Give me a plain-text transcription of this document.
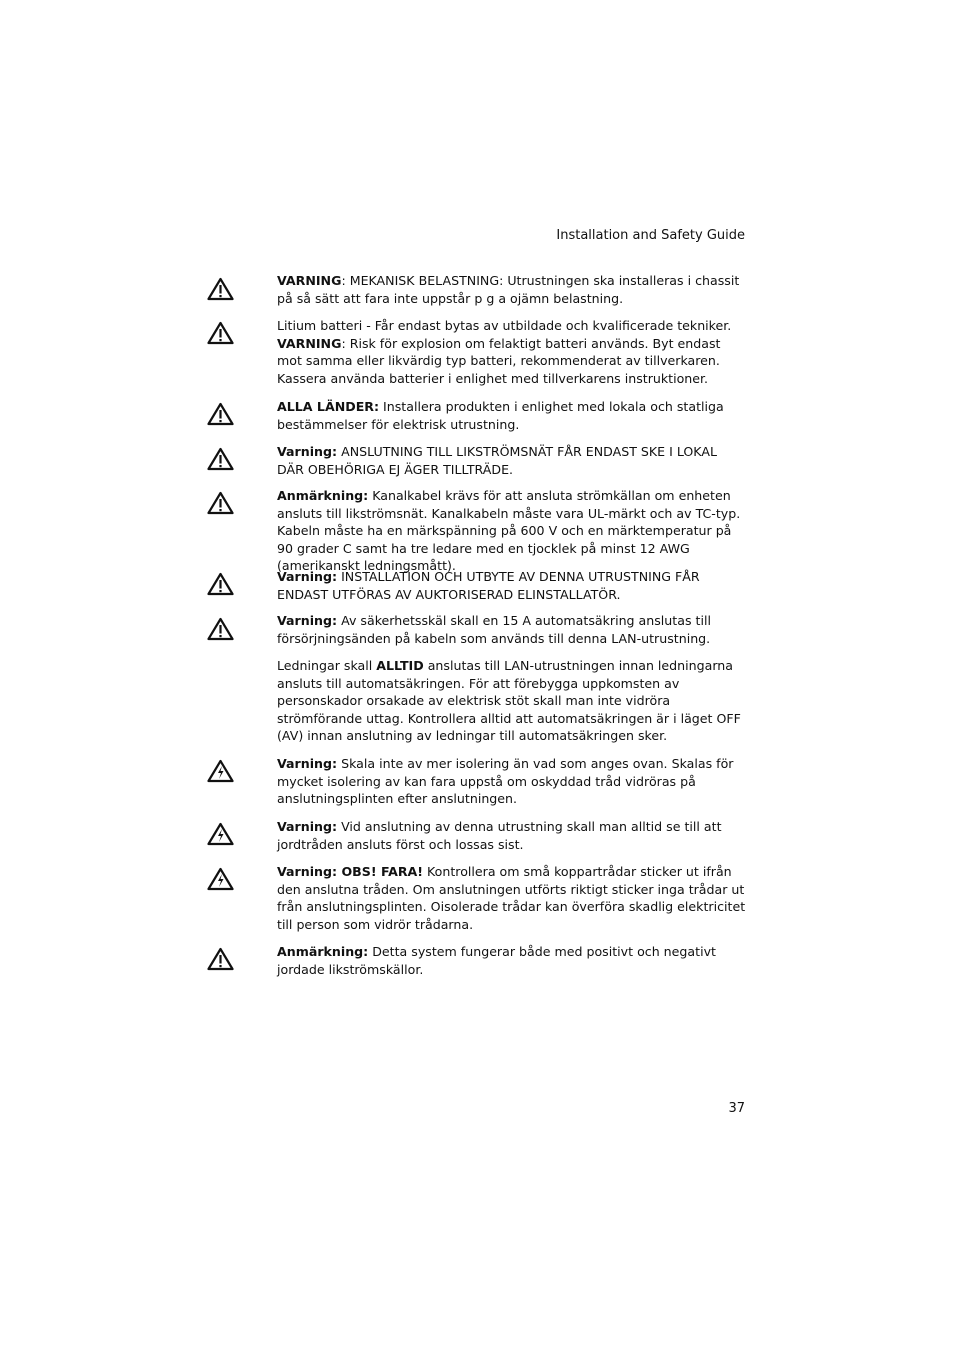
Installation and Safety Guide

VARNING: MEKANISK BELASTNING: Utrustningen ska installeras i chassit på så sätt att fara inte uppstår p g a ojämn belastning.

Litium batteri - Får endast bytas av utbildade och kvalificerade tekniker.

VARNING: Risk för explosion om felaktigt batteri används. Byt endast mot samma eller likvärdig typ batteri, rekommenderat av tillverkaren. Kassera använda batterier i enlighet med tillverkarens instruktioner.

ALLA LÄNDER: Installera produkten i enlighet med lokala och statliga bestämmelser för elektrisk utrustning.

Varning: ANSLUTNING TILL LIKSTRÖMSNÄT FÅR ENDAST SKE I LOKAL DÄR OBEHÖRIGA EJ ÄGER TILLTRÄDE.

Anmärkning: Kanalkabel krävs för att ansluta strömkällan om enheten ansluts till likströmsnät. Kanalkabeln måste vara UL-märkt och av TC-typ. Kabeln måste ha en märkspänning på 600 V och en märktemperatur på 90 grader C samt ha tre ledare med en tjocklek på minst 12 AWG (amerikanskt ledningsmått).

Varning: INSTALLATION OCH UTBYTE AV DENNA UTRUSTNING FÅR ENDAST UTFÖRAS AV AUKTORISERAD ELINSTALLATÖR.

Varning: Av säkerhetsskäl skall en 15 A automatsäkring anslutas till försörjningsänden på kabeln som används till denna LAN-utrustning.

Ledningar skall ALLTID anslutas till LAN-utrustningen innan ledningarna ansluts till automatsäkringen. För att förebygga uppkomsten av personskador orsakade av elektrisk stöt skall man inte vidröra strömförande uttag. Kontrollera alltid att automatsäkringen är i läget OFF (AV) innan anslutning av ledningar till automatsäkringen sker.

Varning: Skala inte av mer isolering än vad som anges ovan. Skalas för mycket isolering av kan fara uppstå om oskyddad tråd vidröras på anslutningsplinten efter anslutningen.

Varning: Vid anslutning av denna utrustning skall man alltid se till att jordtråden ansluts först och lossas sist.

Varning: OBS! FARA! Kontrollera om små koppartrådar sticker ut ifrån den anslutna tråden. Om anslutningen utförts riktigt sticker inga trådar ut från anslutningsplinten. Oisolerade trådar kan överföra skadlig elektricitet till person som vidrör trådarna.

Anmärkning: Detta system fungerar både med positivt och negativt jordade likströmskällor.

37
